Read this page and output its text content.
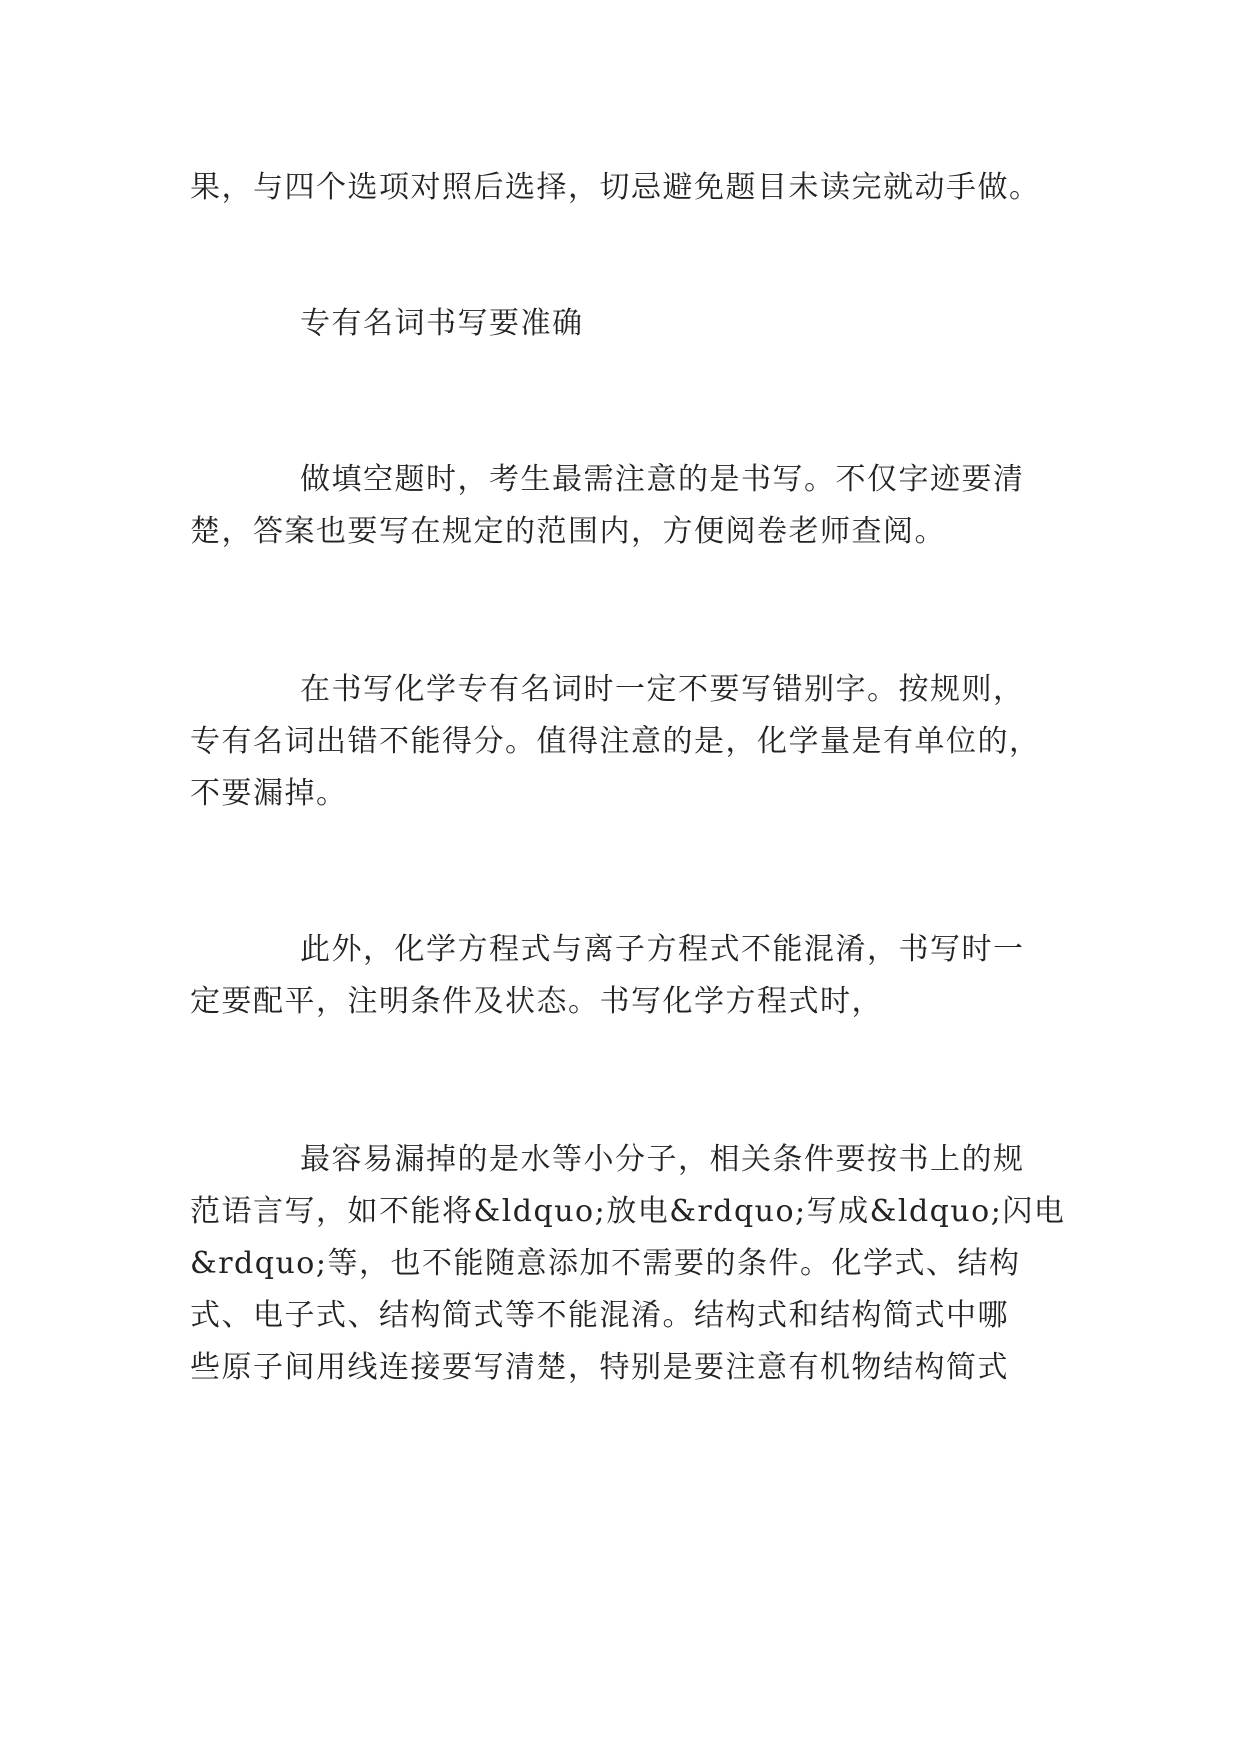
果，与四个选项对照后选择，切忌避免题目未读完就动手做。
专有名词书写要准确
做填空题时，考生最需注意的是书写。不仅字迹要清
楚，答案也要写在规定的范围内，方便阅卷老师查阅。
在书写化学专有名词时一定不要写错别字。按规则，
专有名词出错不能得分。值得注意的是，化学量是有单位的，
不要漏掉。
此外，化学方程式与离子方程式不能混淆，书写时一
定要配平，注明条件及状态。书写化学方程式时，
最容易漏掉的是水等小分子，相关条件要按书上的规
范语言写，如不能将&ldquo;放电&rdquo;写成&ldquo;闪电
&rdquo;等，也不能随意添加不需要的条件。化学式、结构
式、电子式、结构简式等不能混淆。结构式和结构简式中哪
些原子间用线连接要写清楚，特别是要注意有机物结构简式
